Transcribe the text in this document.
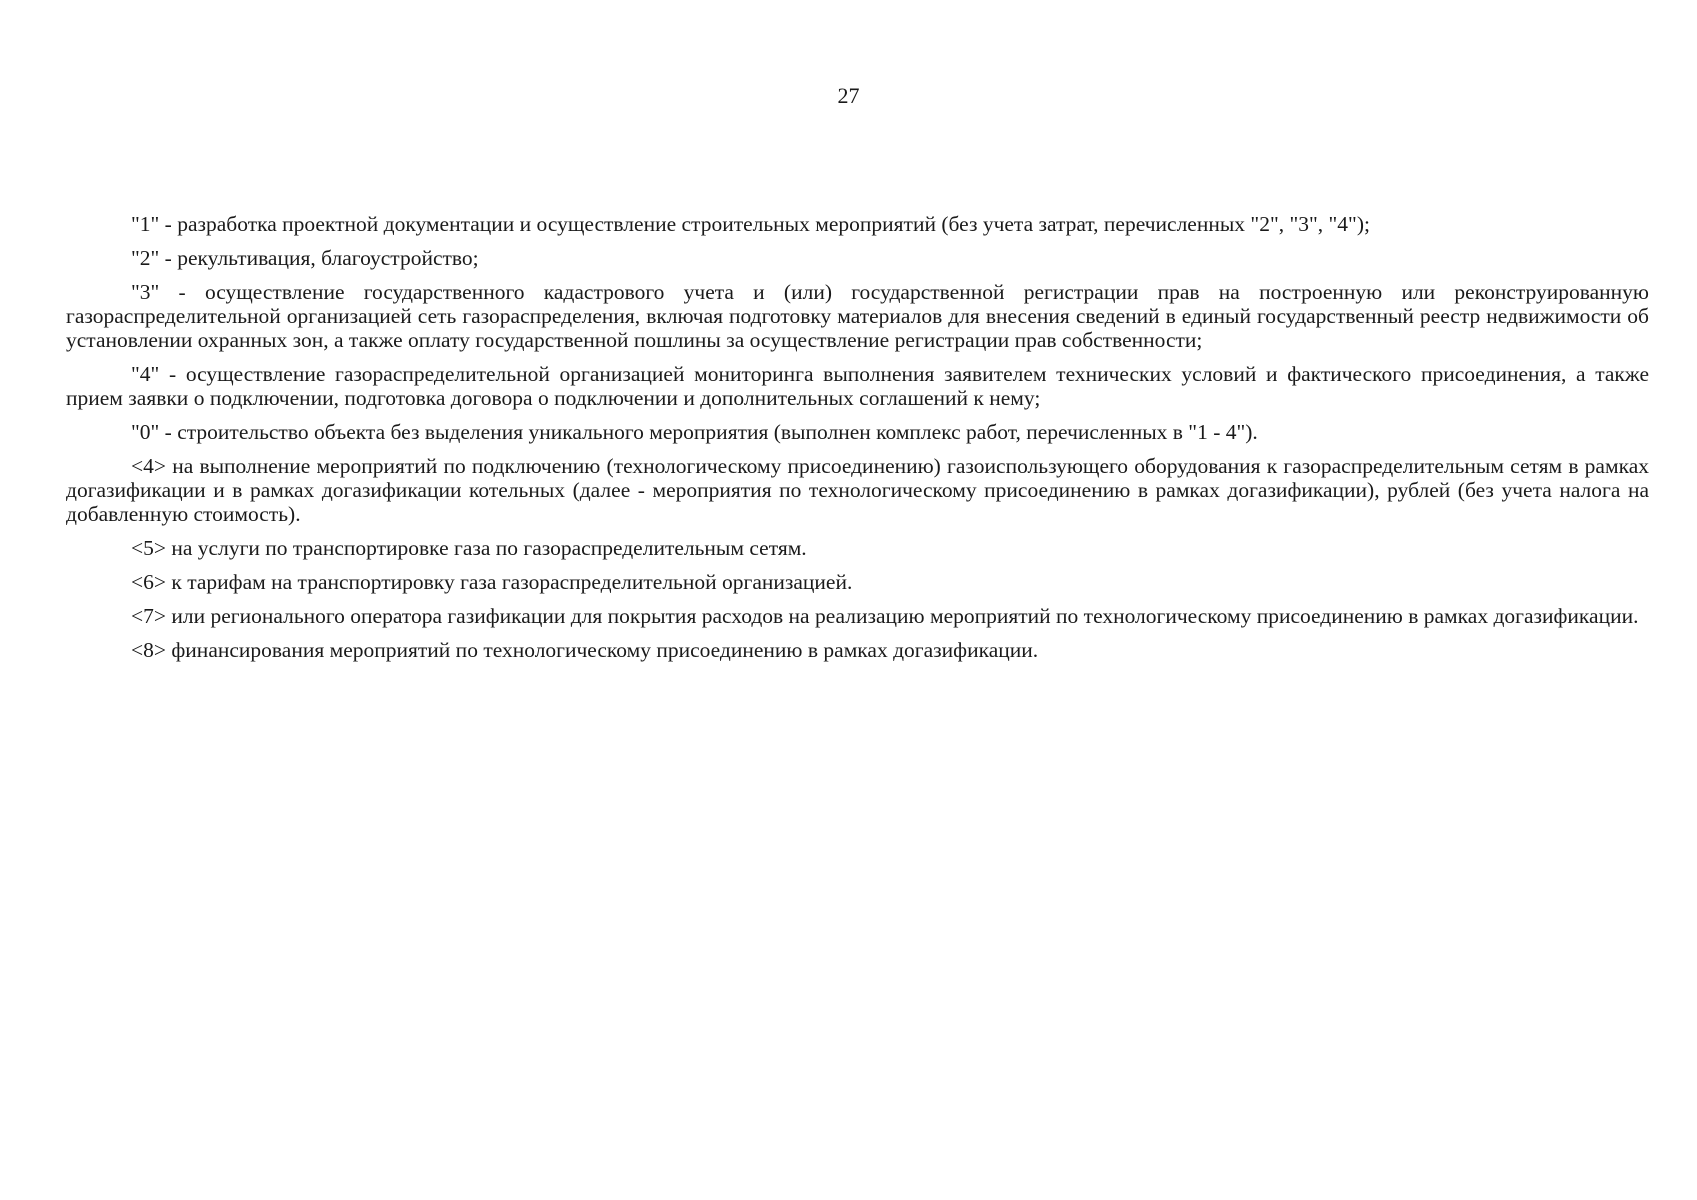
27

"1" - разработка проектной документации и осуществление строительных мероприятий (без учета затрат, перечисленных "2", "3", "4");

"2" - рекультивация, благоустройство;

"3" - осуществление государственного кадастрового учета и (или) государственной регистрации прав на построенную или реконструированную газораспределительной организацией сеть газораспределения, включая подготовку материалов для внесения сведений в единый государственный реестр недвижимости об установлении охранных зон, а также оплату государственной пошлины за осуществление регистрации прав собственности;

"4" - осуществление газораспределительной организацией мониторинга выполнения заявителем технических условий и фактического присоединения, а также прием заявки о подключении, подготовка договора о подключении и дополнительных соглашений к нему;

"0" - строительство объекта без выделения уникального мероприятия (выполнен комплекс работ, перечисленных в "1 - 4").

<4> на выполнение мероприятий по подключению (технологическому присоединению) газоиспользующего оборудования к газораспределительным сетям в рамках догазификации и в рамках догазификации котельных (далее - мероприятия по технологическому присоединению в рамках догазификации), рублей (без учета налога на добавленную стоимость).

<5> на услуги по транспортировке газа по газораспределительным сетям.

<6> к тарифам на транспортировку газа газораспределительной организацией.

<7> или регионального оператора газификации для покрытия расходов на реализацию мероприятий по технологическому присоединению в рамках догазификации.

<8> финансирования мероприятий по технологическому присоединению в рамках догазификации.
